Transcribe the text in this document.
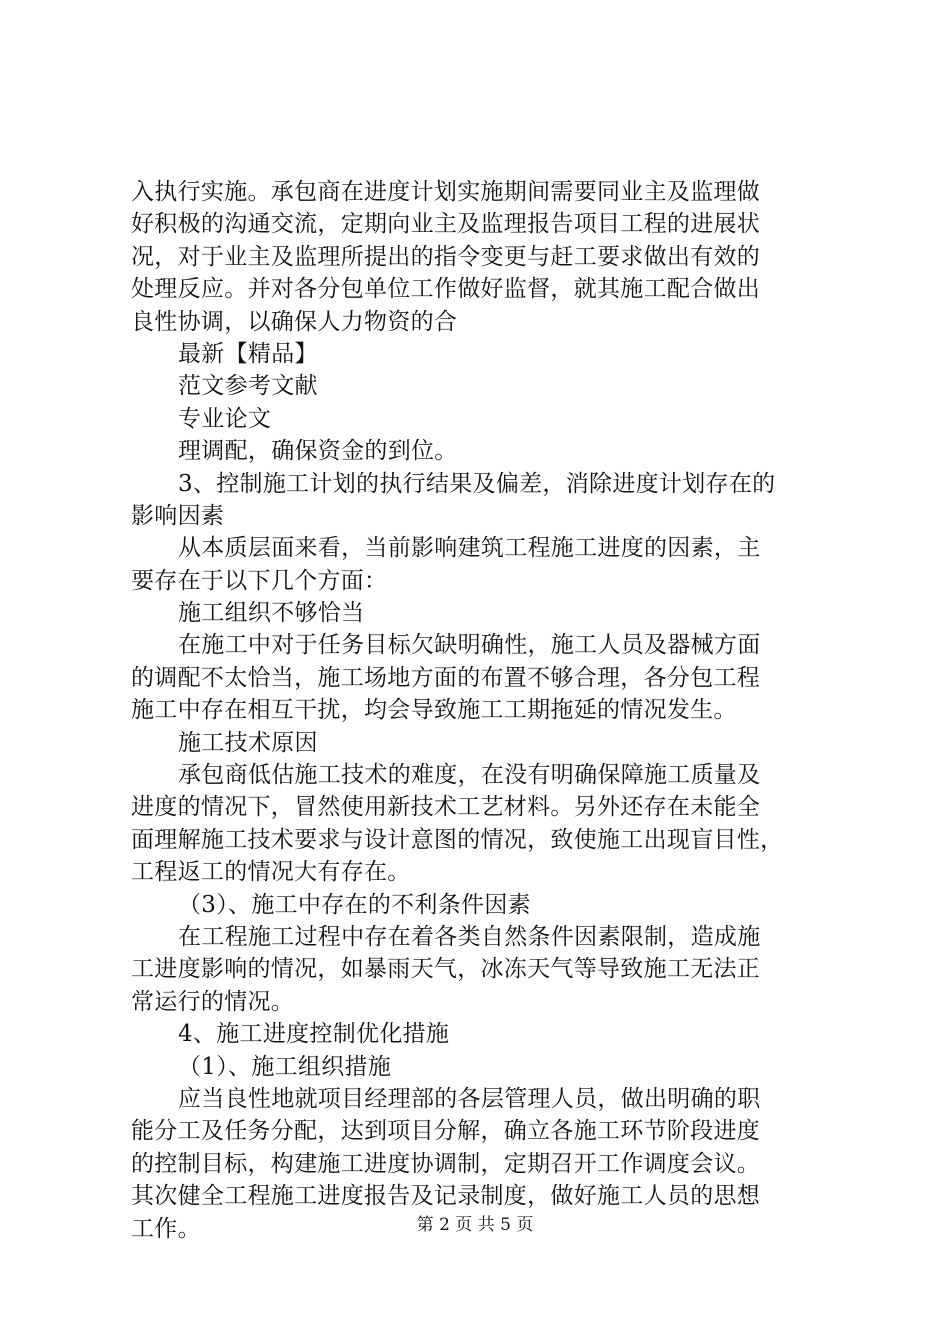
入执行实施。承包商在进度计划实施期间需要同业主及监理做
好积极的沟通交流，定期向业主及监理报告项目工程的进展状
况，对于业主及监理所提出的指令变更与赶工要求做出有效的
处理反应。并对各分包单位工作做好监督，就其施工配合做出
良性协调，以确保人力物资的合
最新【精品】
范文参考文献
专业论文
理调配，确保资金的到位。
3、控制施工计划的执行结果及偏差，消除进度计划存在的
影响因素
从本质层面来看，当前影响建筑工程施工进度的因素，主
要存在于以下几个方面：
施工组织不够恰当
在施工中对于任务目标欠缺明确性，施工人员及器械方面
的调配不太恰当，施工场地方面的布置不够合理，各分包工程
施工中存在相互干扰，均会导致施工工期拖延的情况发生。
施工技术原因
承包商低估施工技术的难度，在没有明确保障施工质量及
进度的情况下，冒然使用新技术工艺材料。另外还存在未能全
面理解施工技术要求与设计意图的情况，致使施工出现盲目性，
工程返工的情况大有存在。
（3）、施工中存在的不利条件因素
在工程施工过程中存在着各类自然条件因素限制，造成施
工进度影响的情况，如暴雨天气，冰冻天气等导致施工无法正
常运行的情况。
4、施工进度控制优化措施
（1）、施工组织措施
应当良性地就项目经理部的各层管理人员，做出明确的职
能分工及任务分配，达到项目分解，确立各施工环节阶段进度
的控制目标，构建施工进度协调制，定期召开工作调度会议。
其次健全工程施工进度报告及记录制度，做好施工人员的思想
工作。	第 2 页 共 5 页
